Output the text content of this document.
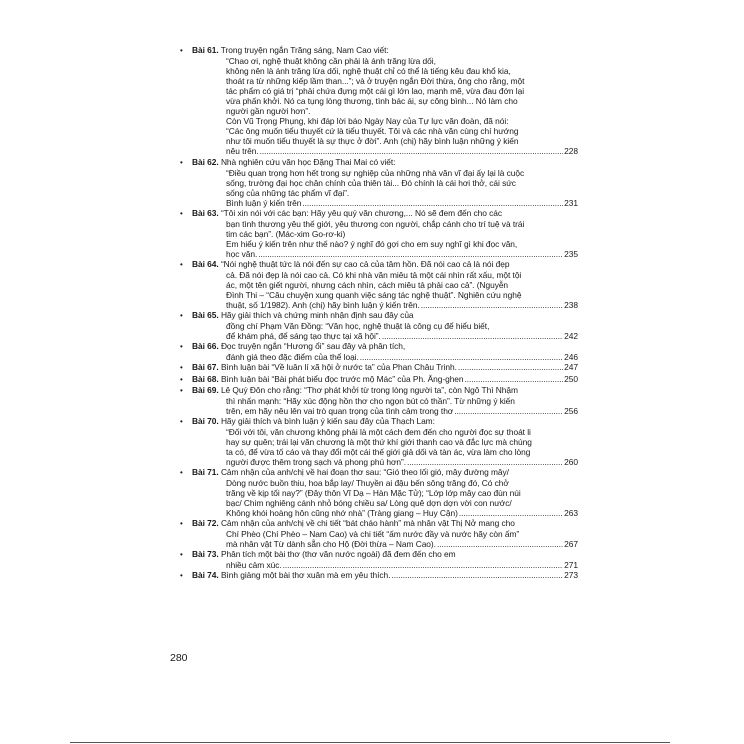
• Bài 61. Trong truyện ngắn Trăng sáng, Nam Cao viết:
“Chao ơi, nghệ thuật không cần phải là ánh trăng lừa dối,
không nên là ánh trăng lừa dối, nghệ thuật chỉ có thể là tiếng kêu đau khổ kia,
thoát ra từ những kiếp lầm than...”; và ở truyện ngắn Đời thừa, ông cho rằng, một
tác phẩm có giá trị “phải chứa đựng một cái gì lớn lao, mạnh mẽ, vừa đau đớn lại
vừa phấn khởi. Nó ca tụng lòng thương, tình bác ái, sự công bình... Nó làm cho
người gần người hơn”.
Còn Vũ Trọng Phụng, khi đáp lời báo Ngày Nay của Tự lực văn đoàn, đã nói:
“Các ông muốn tiểu thuyết cứ là tiểu thuyết. Tôi và các nhà văn cùng chí hướng
như tôi muốn tiểu thuyết là sự thực ở đời”. Anh (chị) hãy bình luận những ý kiến
nêu trên. . . .	228
• Bài 62. Nhà nghiên cứu văn học Đặng Thai Mai có viết:
“Điều quan trọng hơn hết trong sự nghiệp của những nhà văn vĩ đại ấy lại là cuộc
sống, trường đại học chân chính của thiên tài... Đó chính là cái hơi thở, cái sức
sống của những tác phẩm vĩ đại”.
Bình luận ý kiến trên . . .	231
• Bài 63. “Tôi xin nói với các bạn: Hãy yêu quý văn chương,... Nó sẽ đem đến cho các
bạn tình thương yêu thế giới, yêu thương con người, chắp cánh cho trí tuệ và trái
tim các bạn”. (Mác-xim Go-rơ-ki)
Em hiểu ý kiến trên như thế nào? ý nghĩ đó gợi cho em suy nghĩ gì khi đọc văn,
học văn. . . .	235
• Bài 64. “Nói nghệ thuật tức là nói đến sự cao cả của tâm hồn. Đã nói cao cả là nói đẹp
cả. Đã nói đẹp là nói cao cả. Có khi nhà văn miêu tả một cái nhìn rất xấu, một tội
ác, một tên giết người, nhưng cách nhìn, cách miêu tả phải cao cả”. (Nguyễn
Đình Thi – “Câu chuyện xung quanh việc sáng tác nghệ thuật”. Nghiên cứu nghệ
thuật, số 1/1982). Anh (chị) hãy bình luận ý kiến trên. . . .	238
• Bài 65. Hãy giải thích và chứng minh nhận định sau đây của
đồng chí Phạm Văn Đồng: “Văn học, nghệ thuật là công cụ để hiểu biết,
để khám phá, để sáng tạo thực tại xã hội”. . . .	242
• Bài 66. Đọc truyện ngắn “Hương ổi” sau đây và phân tích,
đánh giá theo đặc điểm của thể loại. . . .	246
• Bài 67. Bình luận bài “Về luân lí xã hội ở nước ta” của Phan Châu Trinh. . . .	247
• Bài 68. Bình luận bài “Bài phát biểu đọc trước mộ Mác” của Ph. Ăng-ghen . . .	250
• Bài 69. Lê Quý Đôn cho rằng: “Thơ phát khởi từ trong lòng người ta”, còn Ngô Thì Nhậm
thì nhấn mạnh: “Hãy xúc động hồn thơ cho ngọn bút có thần”. Từ những ý kiến
trên, em hãy nêu lên vai trò quan trọng của tình cảm trong thơ . . .	256
• Bài 70. Hãy giải thích và bình luận ý kiến sau đây của Thạch Lam:
“Đối với tôi, văn chương không phải là một cách đem đến cho người đọc sự thoát li
hay sự quên; trái lại văn chương là một thứ khí giới thanh cao và đắc lực mà chúng
ta có, để vừa tố cáo và thay đổi một cái thế giới giả dối và tàn ác, vừa làm cho lòng
người được thêm trong sạch và phong phú hơn”. . . .	260
• Bài 71. Cảm nhận của anh/chị về hai đoạn thơ sau: “Gió theo lối gió, mây đường mây/
Dòng nước buồn thiu, hoa bắp lay/ Thuyền ai đậu bến sông trăng đó, Có chở
trăng về kịp tối nay?” (Đây thôn Vĩ Dạ – Hàn Mặc Tử); “Lớp lớp mây cao đùn núi
bạc/ Chim nghiêng cánh nhỏ bóng chiều sa/ Lòng quê dợn dợn vời con nước/
Không khói hoàng hôn cũng nhớ nhà” (Tràng giang – Huy Cận) . . .	263
• Bài 72. Cảm nhận của anh/chị về chi tiết “bát cháo hành” mà nhân vật Thị Nở mang cho
Chí Phèo (Chí Phèo – Nam Cao) và chi tiết “ấm nước đầy và nước hãy còn ấm”
mà nhân vật Từ dành sẵn cho Hộ (Đời thừa – Nam Cao). . . .	267
• Bài 73. Phân tích một bài thơ (thơ văn nước ngoài) đã đem đến cho em
nhiều cảm xúc. . . .	271
• Bài 74. Bình giảng một bài thơ xuân mà em yêu thích. . . .	273
280
